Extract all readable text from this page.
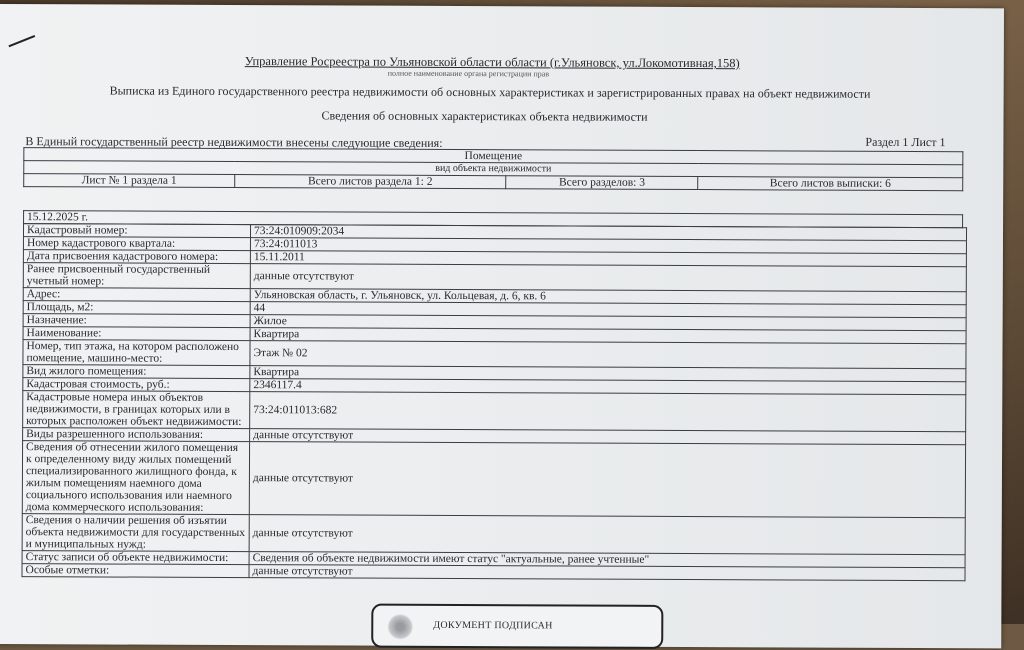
Управление Росреестра по Ульяновской области области (г.Ульяновск, ул.Локомотивная,158)
полное наименование органа регистрации прав
Выписка из Единого государственного реестра недвижимости об основных характеристиках и зарегистрированных правах на объект недвижимости
Сведения об основных характеристиках объекта недвижимости
В Единый государственный реестр недвижимости внесены следующие сведения:	Раздел 1 Лист 1
Помещение
вид объекта недвижимости
Лист № 1 раздела 1	Всего листов раздела 1: 2	Всего разделов: 3	Всего листов выписки: 6
15.12.2025 г.
Кадастровый номер:	73:24:010909:2034
Номер кадастрового квартала:	73:24:011013
Дата присвоения кадастрового номера:	15.11.2011
Ранее присвоенный государственный учетный номер:	данные отсутствуют
Адрес:	Ульяновская область, г. Ульяновск, ул. Кольцевая, д. 6, кв. 6
Площадь, м2:	44
Назначение:	Жилое
Наименование:	Квартира
Номер, тип этажа, на котором расположено помещение, машино-место:	Этаж № 02
Вид жилого помещения:	Квартира
Кадастровая стоимость, руб.:	2346117.4
Кадастровые номера иных объектов недвижимости, в границах которых или в которых расположен объект недвижимости:	73:24:011013:682
Виды разрешенного использования:	данные отсутствуют
Сведения об отнесении жилого помещения к определенному виду жилых помещений специализированного жилищного фонда, к жилым помещениям наемного дома социального использования или наемного дома коммерческого использования:	данные отсутствуют
Сведения о наличии решения об изъятии объекта недвижимости для государственных и муниципальных нужд:	данные отсутствуют
Статус записи об объекте недвижимости:	Сведения об объекте недвижимости имеют статус "актуальные, ранее учтенные"
Особые отметки:	данные отсутствуют
ДОКУМЕНТ ПОДПИСАН
